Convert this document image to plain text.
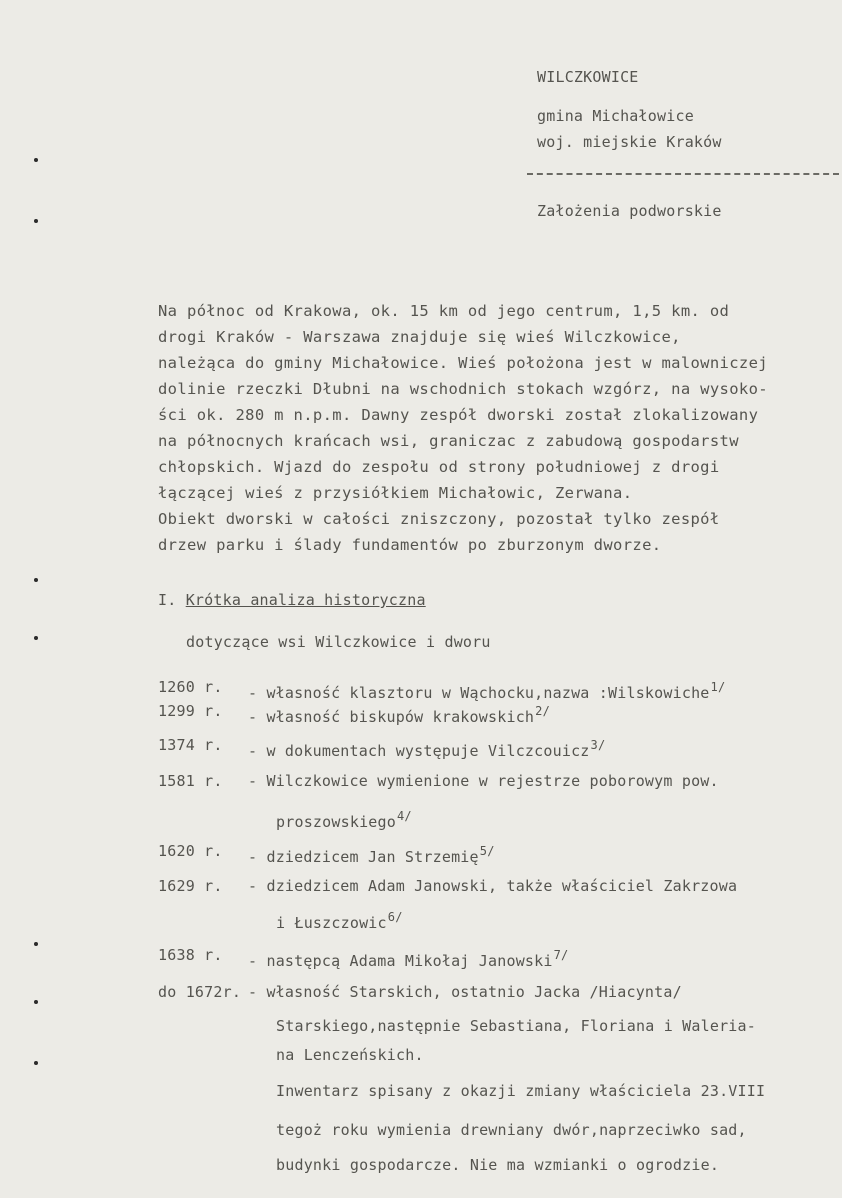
WILCZKOWICE
gmina Michałowice
woj. miejskie Kraków
Założenia podworskie
Na północ od Krakowa, ok. 15 km od jego centrum, 1,5 km. od
drogi Kraków - Warszawa znajduje się wieś Wilczkowice,
należąca do gminy Michałowice. Wieś położona jest w malowniczej
dolinie rzeczki Dłubni na wschodnich stokach wzgórz, na wysoko-
ści ok. 280 m n.p.m. Dawny zespół dworski został zlokalizowany
na północnych krańcach wsi, graniczac z zabudową gospodarstw
chłopskich. Wjazd do zespołu od strony południowej z drogi
łączącej wieś z przysiółkiem Michałowic, Zerwana.
Obiekt dworski w całości zniszczony, pozostał tylko zespół
drzew parku i ślady fundamentów po zburzonym dworze.
I. Krótka analiza historyczna
dotyczące wsi Wilczkowice i dworu
1260 r. - własność klasztoru w Wąchocku,nazwa :Wilskowiche$^{1/}$
1299 r. - własność biskupów krakowskich$^{2/}$
1374 r. - w dokumentach występuje Vilczcouicz$^{3/}$
1581 r. - Wilczkowice wymienione w rejestrze poborowym pow.
proszowskiego$^{4/}$
1620 r. - dziedzicem Jan Strzemię$^{5/}$
1629 r. - dziedzicem Adam Janowski, także właściciel Zakrzowa
i Łuszczowic$^{6/}$
1638 r. - następcą Adama Mikołaj Janowski$^{7/}$
do 1672r. - własność Starskich, ostatnio Jacka /Hiacynta/
Starskiego,następnie Sebastiana, Floriana i Waleria-
na Lenczeńskich.
Inwentarz spisany z okazji zmiany właściciela 23.VIII
tegoż roku wymienia drewniany dwór,naprzeciwko sad,
budynki gospodarcze. Nie ma wzmianki o ogrodzie.
